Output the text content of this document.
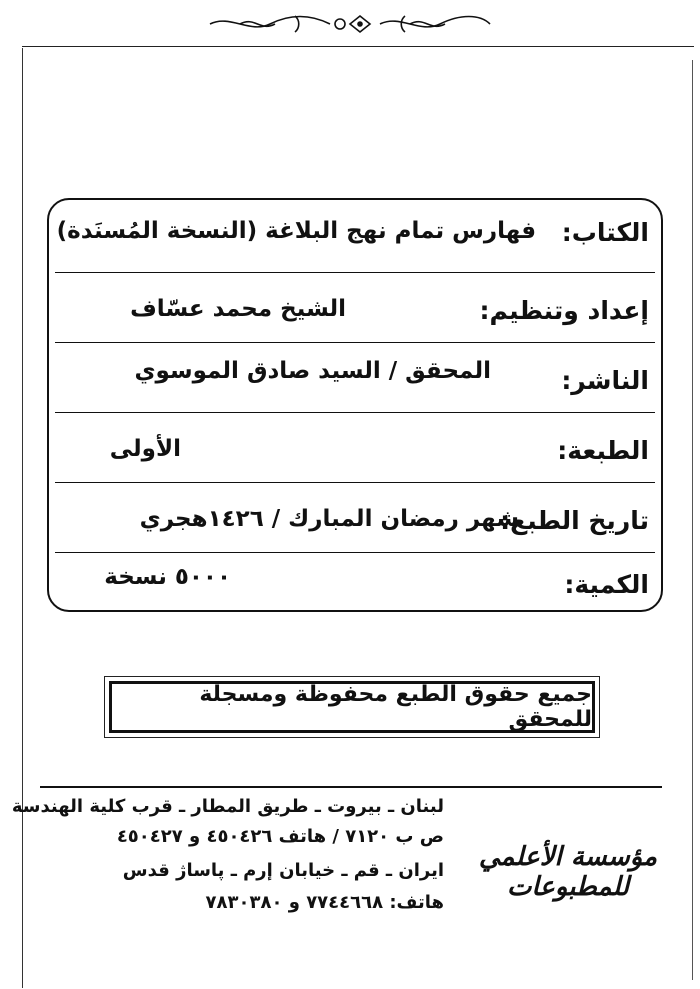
الكتاب:
فهارس تمام نهج البلاغة (النسخة المُسنَدة)
إعداد وتنظيم:
الشيخ محمد عسّاف
الناشر:
المحقق / السيد صادق الموسوي
الطبعة:
الأولى
تاريخ الطبع:
شهر رمضان المبارك / ١٤٢٦هجري
الكمية:
٥٠٠٠ نسخة
جميع حقوق الطبع محفوظة ومسجلة للمحقق
لبنان ـ بيروت ـ طريق المطار ـ قرب كلية الهندسة
ص ب ٧١٢٠ / هاتف ٤٥٠٤٢٦ و ٤٥٠٤٢٧
ايران ـ قم ـ خيابان إرم ـ پاساژ قدس
هاتف: ٧٧٤٤٦٦٨ و ٧٨٣٠٣٨٠
مؤسسة الأعلمي للمطبوعات
